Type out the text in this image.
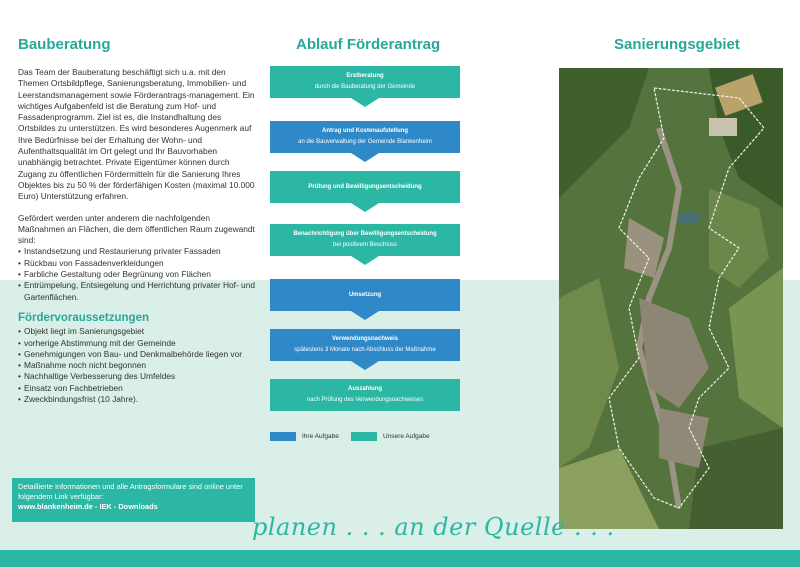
Bauberatung

Das Team der Bauberatung beschäftigt sich u.a. mit den Themen Ortsbildpflege, Sanierungsberatung, Immobilien- und Leerstandsmanagement sowie Förderantrags-management. Ein wichtiges Aufgabenfeld ist die Beratung zum Hof- und Fassadenprogramm. Ziel ist es, die Instandhaltung des Ortsbildes zu unterstützen. Es wird besonderes Augenmerk auf Ihre Bedürfnisse bei der Erhaltung der Wohn- und Aufenthaltsqualität im Ort gelegt und Ihr Bauvorhaben unabhängig betrachtet. Private Eigentümer können durch Zugang zu öffentlichen Fördermitteln für die Sanierung Ihres Objektes bis zu 50 % der förderfähigen Kosten (maximal 10.000 Euro) Unterstützung erfahren.

Gefördert werden unter anderem die nachfolgenden Maßnahmen an Flächen, die dem öffentlichen Raum zugewandt sind:
• Instandsetzung und Restaurierung privater Fassaden
• Rückbau von Fassadenverkleidungen
• Farbliche Gestaltung oder Begrünung von Flächen
• Entrümpelung, Entsiegelung und Herrichtung privater Hof- und Gartenflächen.
Fördervoraussetzungen
• Objekt liegt im Sanierungsgebiet
• vorherige Abstimmung mit der Gemeinde
• Genehmigungen von Bau- und Denkmalbehörde liegen vor
• Maßnahme noch nicht begonnen
• Nachhaltige Verbesserung des Umfeldes
• Einsatz von Fachbetrieben
• Zweckbindungsfrist (10 Jahre).
Detaillierte Informationen und alle Antragsformulare sind online unter folgendem Link verfügbar:
www.blankenheim.de - IEK - Downloads
Ablauf Förderantrag
Erstberatung
durch die Bauberatung der Gemeinde
Antrag und Kostenaufstellung
an die Bauverwaltung der Gemeinde Blankenheim
Prüfung und Bewilligungsentscheidung
Benachrichtigung über Bewilligungsentscheidung
bei positivem Beschluss
Umsetzung
Verwendungsnachweis
spätestens 3 Monate nach Abschluss der Maßnahme
Auszahlung
nach Prüfung des Verwendungsnachweises
Ihre Aufgabe	Unsere Aufgabe
Sanierungsgebiet
planen . . . an der Quelle . . .
